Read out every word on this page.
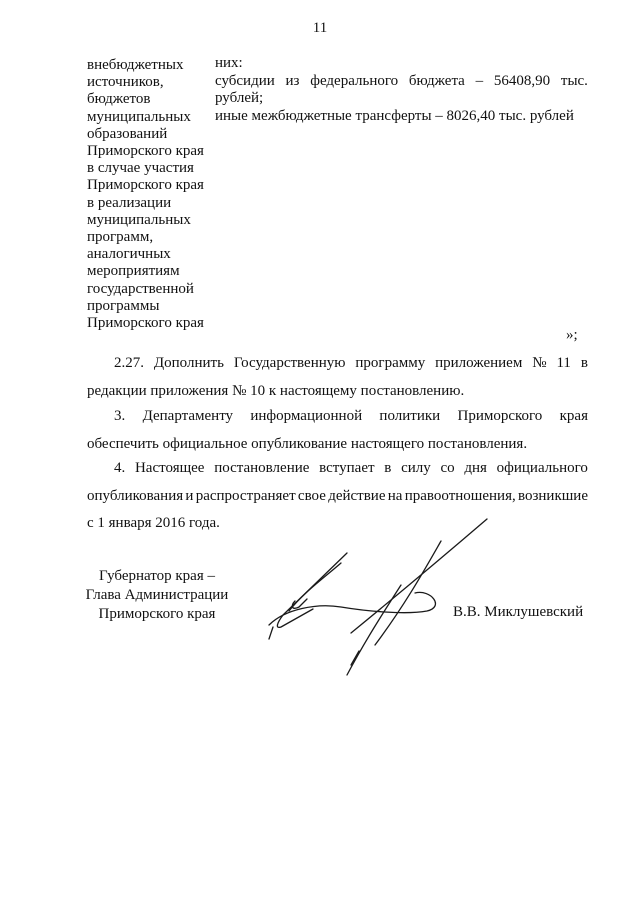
11
внебюджетных
источников,
бюджетов
муниципальных
образований
Приморского края
в случае участия
Приморского края
в реализации
муниципальных
программ,
аналогичных
мероприятиям
государственной
программы
Приморского края
них:
субсидии из федерального бюджета – 56408,90 тыс.
рублей;
иные межбюджетные трансферты – 8026,40 тыс. рублей
»;
2.27. Дополнить Государственную программу приложением № 11 в
редакции приложения № 10 к настоящему постановлению.
3. Департаменту информационной политики Приморского края
обеспечить официальное опубликование настоящего постановления.
4. Настоящее постановление вступает в силу со дня официального
опубликования и распространяет свое действие на правоотношения, возникшие
с 1 января 2016 года.
Губернатор края –
Глава Администрации
Приморского края	В.В. Миклушевский
